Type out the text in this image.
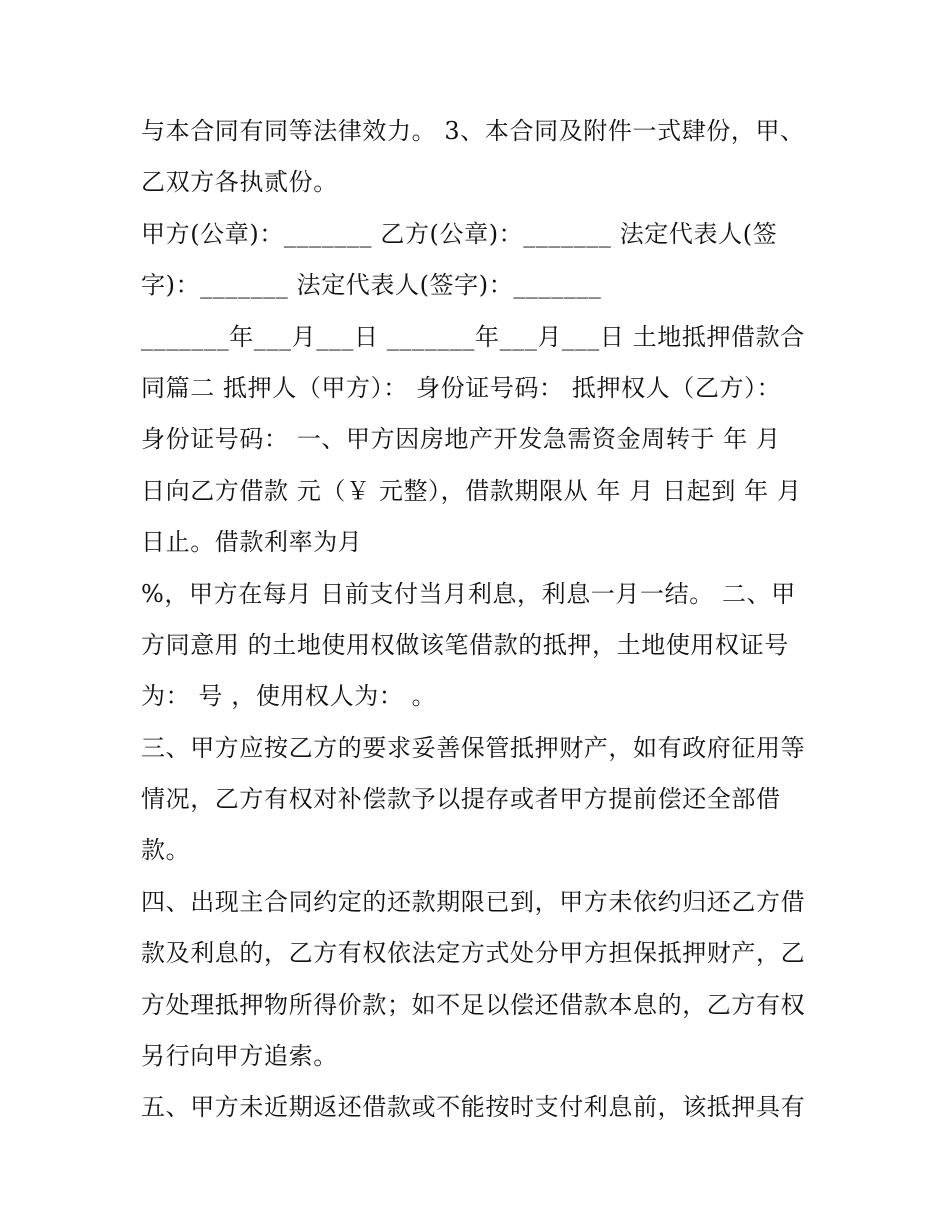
与本合同有同等法律效力。 3、本合同及附件一式肆份，甲、
乙双方各执贰份。
甲方(公章)：_______ 乙方(公章)：_______ 法定代表人(签
字)：_______ 法定代表人(签字)：_______
_______年___月___日 _______年___月___日 土地抵押借款合
同篇二 抵押人（甲方）： 身份证号码： 抵押权人（乙方）：
身份证号码： 一、甲方因房地产开发急需资金周转于 年 月
日向乙方借款 元（￥ 元整），借款期限从 年 月 日起到 年 月
日止。借款利率为月
%，甲方在每月 日前支付当月利息，利息一月一结。 二、甲
方同意用 的土地使用权做该笔借款的抵押，土地使用权证号
为： 号 ，使用权人为： 。
三、甲方应按乙方的要求妥善保管抵押财产，如有政府征用等
情况，乙方有权对补偿款予以提存或者甲方提前偿还全部借
款。
四、出现主合同约定的还款期限已到，甲方未依约归还乙方借
款及利息的，乙方有权依法定方式处分甲方担保抵押财产，乙
方处理抵押物所得价款；如不足以偿还借款本息的，乙方有权
另行向甲方追索。
五、甲方未近期返还借款或不能按时支付利息前，该抵押具有
